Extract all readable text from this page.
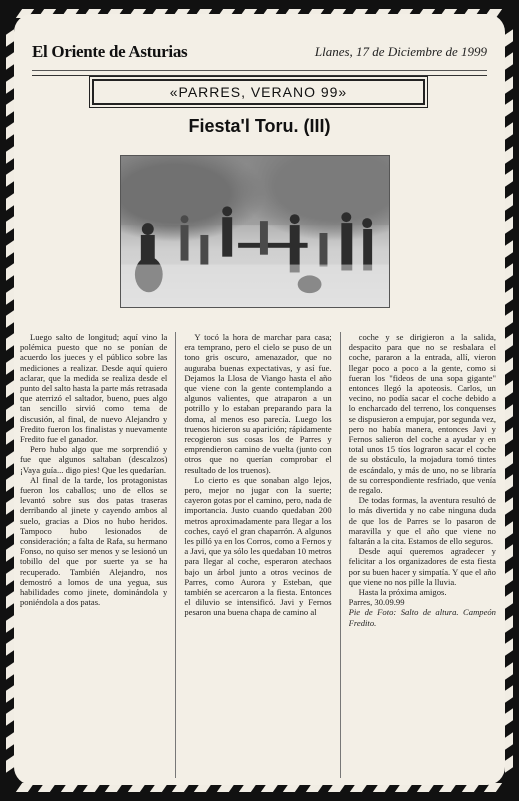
El Oriente de Asturias	Llanes, 17 de Diciembre de 1999
«PARRES, VERANO 99»
Fiesta'l Toru. (III)

Luego salto de longitud; aquí vino la polémica puesto que no se ponían de acuerdo los jueces y el público sobre las mediciones a realizar. Desde aquí quiero aclarar, que la medida se realiza desde el punto del salto hasta la parte más retrasada que aterrizó el saltador, bueno, pues algo tan sencillo sirvió como tema de discusión, al final, de nuevo Alejandro y Fredito fueron los finalistas y nuevamente Fredito fue el ganador.

Pero hubo algo que me sorprendió y fue que algunos saltaban (descalzos) ¡Vaya guía... digo pies! Que les quedarían.

Al final de la tarde, los protagonistas fueron los caballos; uno de ellos se levantó sobre sus dos patas traseras derribando al jinete y cayendo ambos al suelo, gracias a Dios no hubo heridos. Tampoco hubo lesionados de consideración; a falta de Rafa, su hermano Fonso, no quiso ser menos y se lesionó un tobillo del que por suerte ya se ha recuperado. También Alejandro, nos demostró a lomos de una yegua, sus habilidades como jinete, dominándola y poniéndola a dos patas.

Y tocó la hora de marchar para casa; era temprano, pero el cielo se puso de un tono gris oscuro, amenazador, que no auguraba buenas expectativas, y así fue. Dejamos la Llosa de Viango hasta el año que viene con la gente contemplando a algunos valientes, que atraparon a un potrillo y lo estaban preparando para la doma, al menos eso parecía. Luego los truenos hicieron su aparición; rápidamente recogieron sus cosas los de Parres y emprendieron camino de vuelta (junto con otros que no querían comprobar el resultado de los truenos).

Lo cierto es que sonaban algo lejos, pero, mejor no jugar con la suerte; cayeron gotas por el camino, pero, nada de importancia. Justo cuando quedaban 200 metros aproximadamente para llegar a los coches, cayó el gran chaparrón. A algunos les pilló ya en los Corros, como a Fernos y a Javi, que ya sólo les quedaban 10 metros para llegar al coche, esperaron atechaos bajo un árbol junto a otros vecinos de Parres, como Aurora y Esteban, que también se acercaron a la fiesta. Entonces el diluvio se intensificó. Javi y Fernos pesaron una buena chapa de camino al

coche y se dirigieron a la salida, despacito para que no se resbalara el coche, pararon a la entrada, allí, vieron llegar poco a poco a la gente, como si fueran los "fideos de una sopa gigante" entonces llegó la apoteosis. Carlos, un vecino, no podía sacar el coche debido a lo encharcado del terreno, los conquenses se dispusieron a empujar, por segunda vez, pero no había manera, entonces Javi y Fernos salieron del coche a ayudar y en total unos 15 tíos lograron sacar el coche de su obstáculo, la mojadura tomó tintes de escándalo, y más de uno, no se libraría de su correspondiente resfriado, que venía de regalo.

De todas formas, la aventura resultó de lo más divertida y no cabe ninguna duda de que los de Parres se lo pasaron de maravilla y que el año que viene no faltarán a la cita. Estamos de ello seguros.

Desde aquí queremos agradecer y felicitar a los organizadores de esta fiesta por su buen hacer y simpatía. Y que el año que viene no nos pille la lluvia.

Hasta la próxima amigos.

Parres, 30.09.99

Pie de Foto: Salto de altura. Campeón Fredito.
